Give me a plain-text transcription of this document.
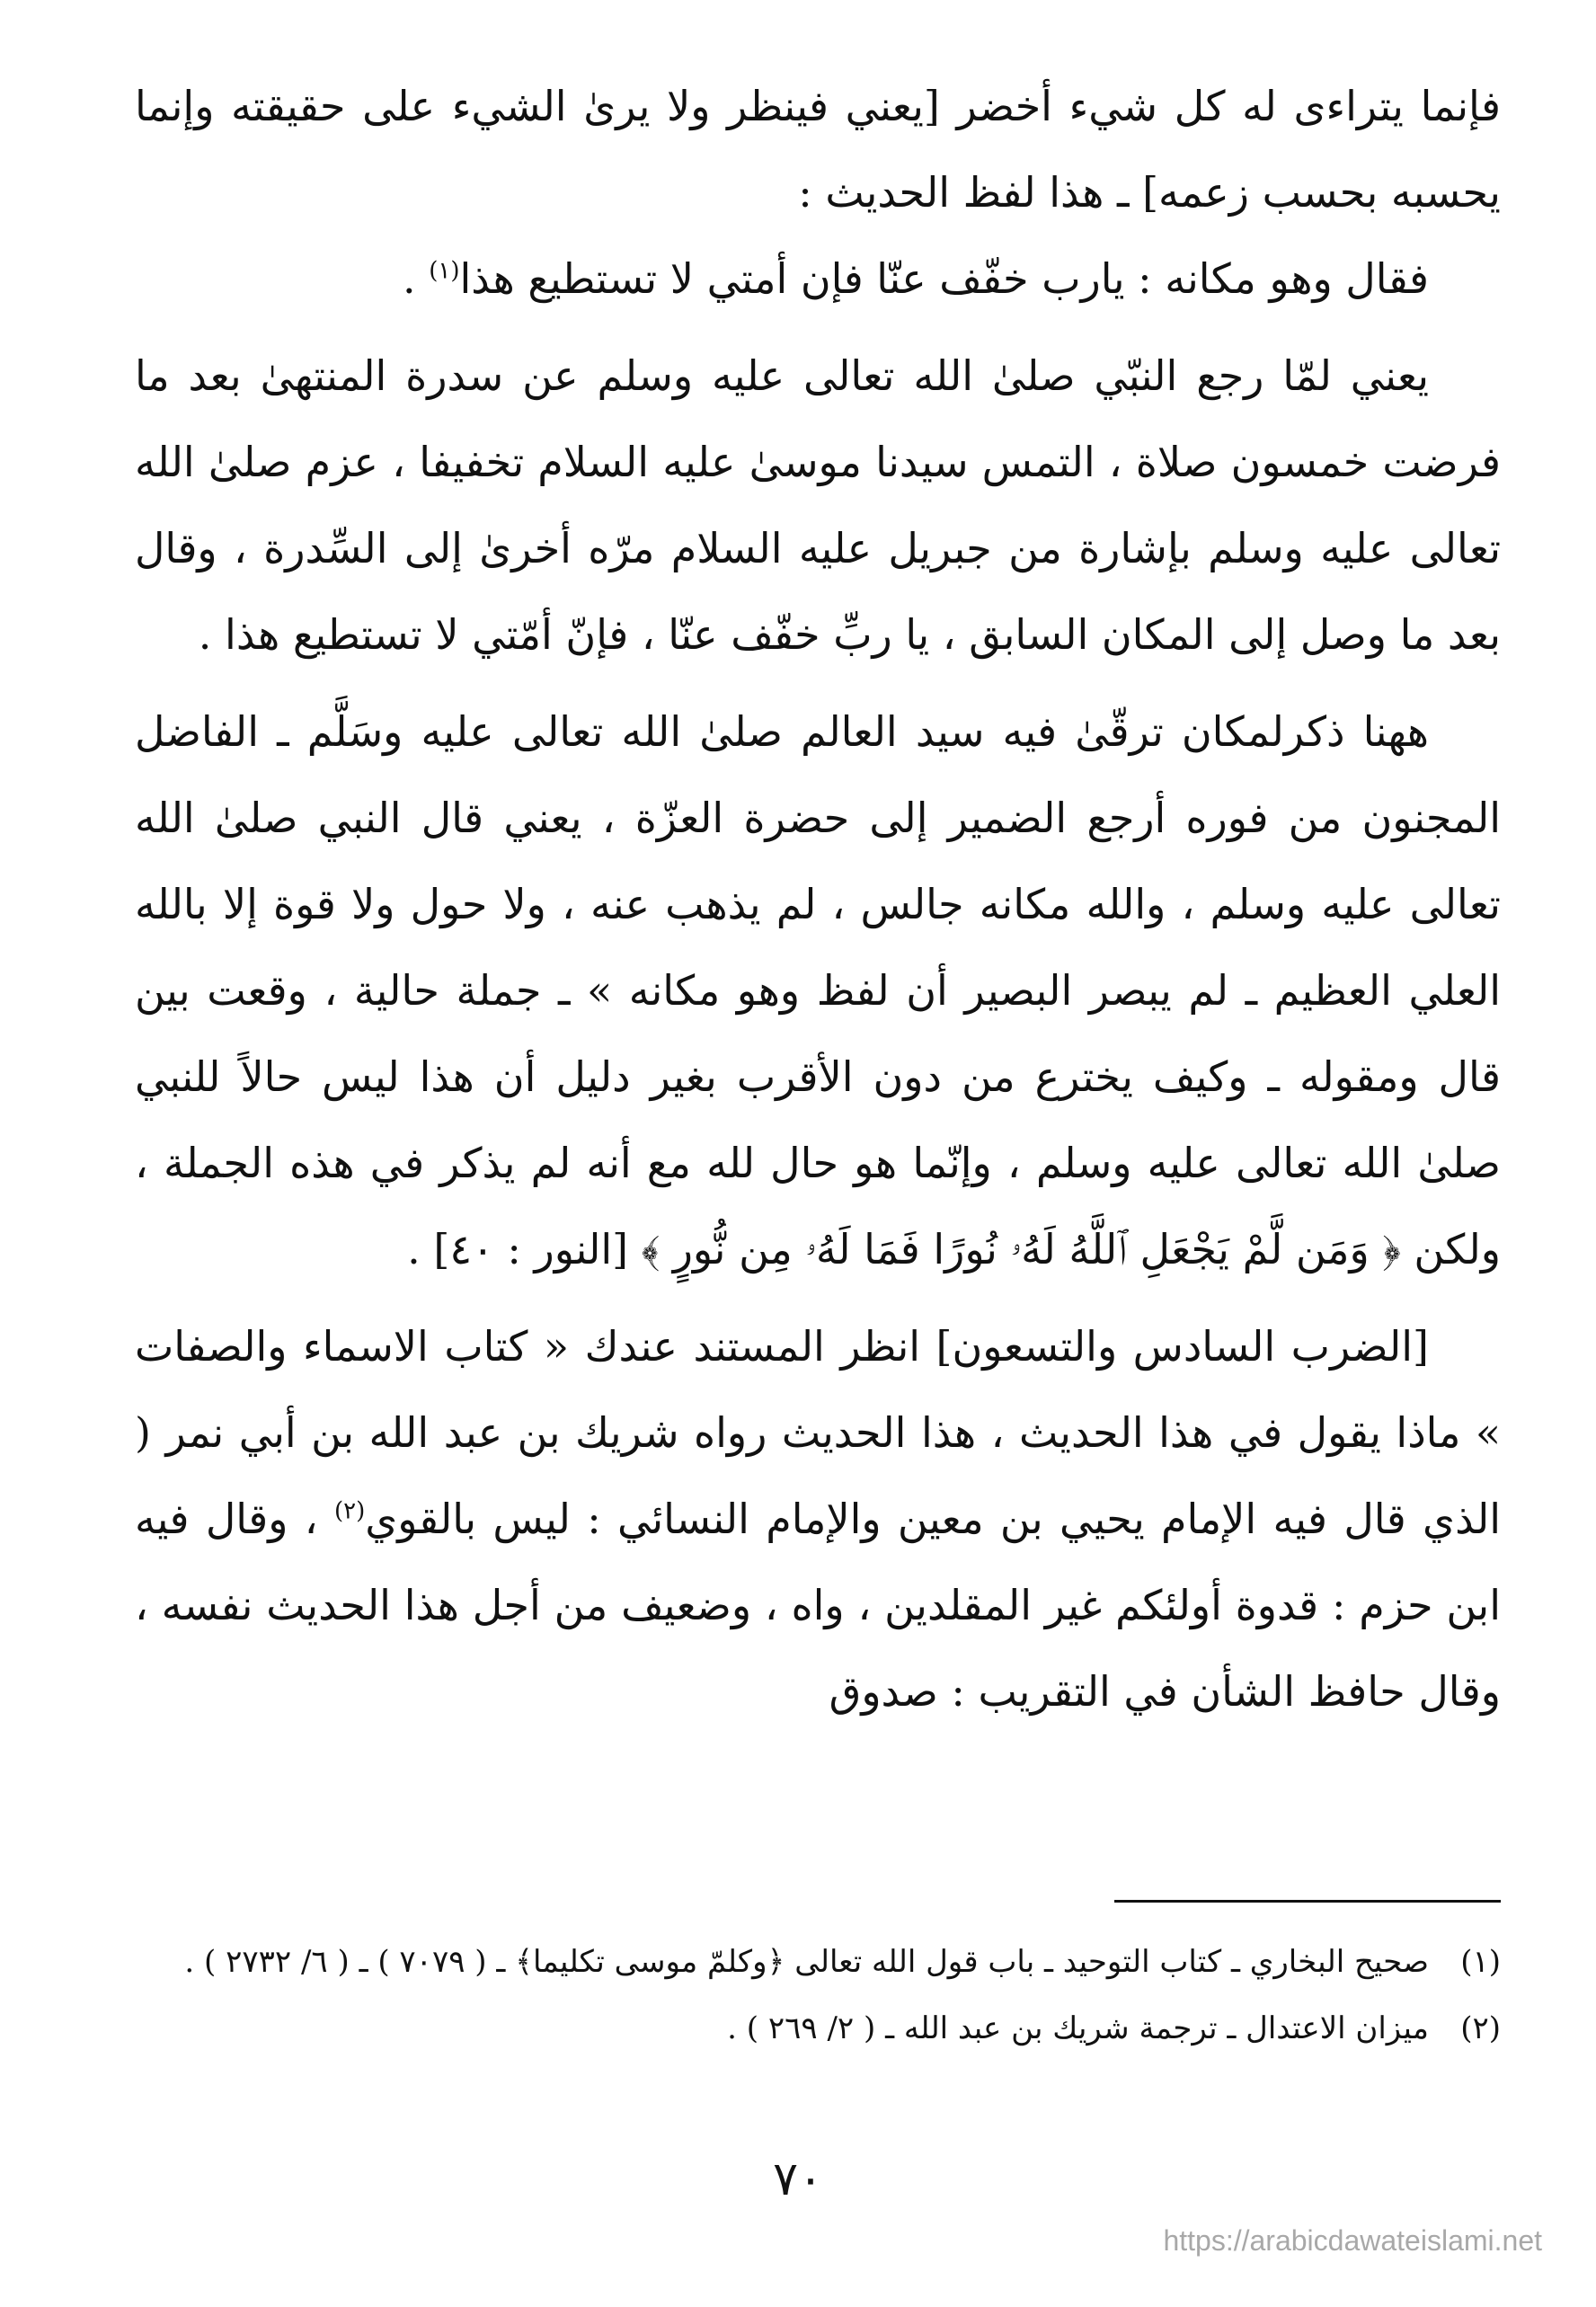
فإنما يتراءى له كل شيء أخضر [يعني فينظر ولا يرىٰ الشيء على حقيقته وإنما يحسبه بحسب زعمه] ـ هذا لفظ الحديث :

فقال وهو مكانه : يارب خفّف عنّا فإن أمتي لا تستطيع هذا$^{(١)}$ .

يعني لمّا رجع النبّي صلىٰ الله تعالى عليه وسلم عن سدرة المنتهىٰ بعد ما فرضت خمسون صلاة ، التمس سيدنا موسىٰ عليه السلام تخفيفا ، عزم صلىٰ الله تعالى عليه وسلم بإشارة من جبريل عليه السلام مرّه أخرىٰ إلى السِّدرة ، وقال بعد ما وصل إلى المكان السابق ، يا ربِّ خفّف عنّا ، فإنّ أمّتي لا تستطيع هذا .

ههنا ذكرلمكان ترقّىٰ فيه سيد العالم صلىٰ الله تعالى عليه وسَلَّم ـ الفاضل المجنون من فوره أرجع الضمير إلى حضرة العزّة ، يعني قال النبي صلىٰ الله تعالى عليه وسلم ، والله مكانه جالس ، لم يذهب عنه ، ولا حول ولا قوة إلا بالله العلي العظيم ـ لم يبصر البصير أن لفظ وهو مكانه » ـ جملة حالية ، وقعت بين قال ومقوله ـ وكيف يخترع من دون الأقرب بغير دليل أن هذا ليس حالاً للنبي صلىٰ الله تعالى عليه وسلم ، وإنّما هو حال لله مع أنه لم يذكر في هذه الجملة ، ولكن ﴿ وَمَن لَّمْ يَجْعَلِ ٱللَّهُ لَهُۥ نُورًا فَمَا لَهُۥ مِن نُّورٍ ﴾ [النور : ٤٠] .

[الضرب السادس والتسعون] انظر المستند عندك « كتاب الاسماء والصفات » ماذا يقول في هذا الحديث ، هذا الحديث رواه شريك بن عبد الله بن أبي نمر ( الذي قال فيه الإمام يحيي بن معين والإمام النسائي : ليس بالقوي$^{(٢)}$ ، وقال فيه ابن حزم : قدوة أولئكم غير المقلدين ، واه ، وضعيف من أجل هذا الحديث نفسه ، وقال حافظ الشأن في التقريب : صدوق

(١)
صحيح البخاري ـ كتاب التوحيد ـ باب قول الله تعالى ﴿وكلمّ موسى تكليما﴾ ـ ( ٧٠٧٩ ) ـ ( ٦/ ٢٧٣٢ ) .
(٢)
ميزان الاعتدال ـ ترجمة شريك بن عبد الله ـ ( ٢/ ٢٦٩ ) .
٧٠
https://arabicdawateislami.net
